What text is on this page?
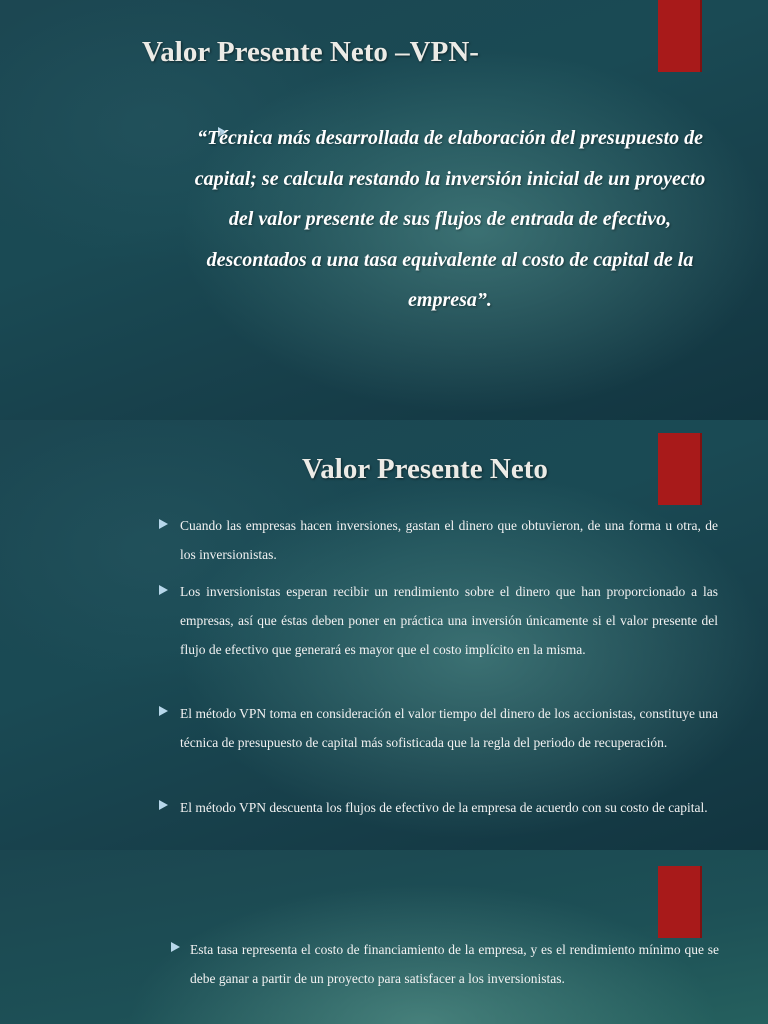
Valor Presente Neto –VPN-
“Técnica más desarrollada de elaboración del presupuesto de capital; se calcula restando la inversión inicial de un proyecto del valor presente de sus flujos de entrada de efectivo, descontados a una tasa equivalente al costo de capital de la empresa”.
Valor Presente Neto
Cuando las empresas hacen inversiones, gastan el dinero que obtuvieron, de una forma u otra, de los inversionistas.
Los inversionistas esperan recibir un rendimiento sobre el dinero que han proporcionado a las empresas, así que éstas deben poner en práctica una inversión únicamente si el valor presente del flujo de efectivo que generará es mayor que el costo implícito en la misma.
El método VPN toma en consideración el valor tiempo del dinero de los accionistas, constituye una técnica de presupuesto de capital más sofisticada que la regla del periodo de recuperación.
El método VPN descuenta los flujos de efectivo de la empresa de acuerdo con su costo de capital.
Esta tasa representa el costo de financiamiento de la empresa, y es el rendimiento mínimo que se debe ganar a partir de un proyecto para satisfacer a los inversionistas.
